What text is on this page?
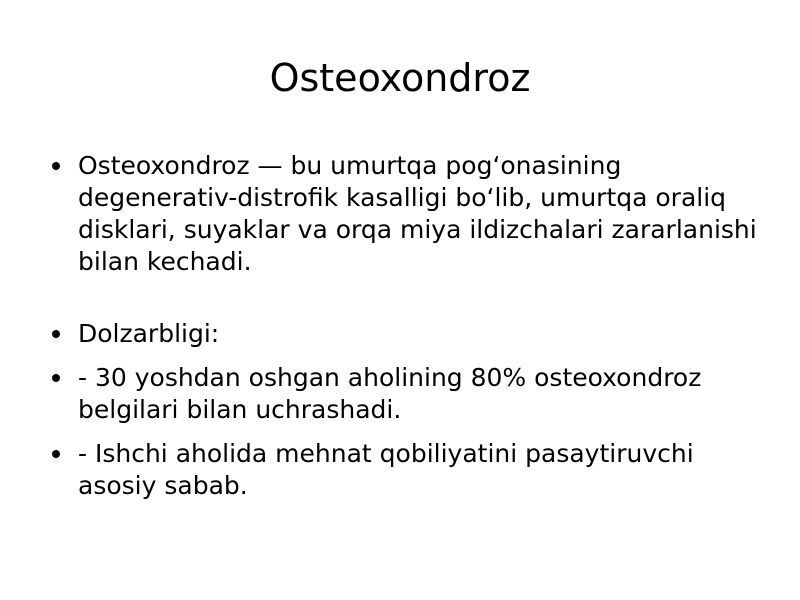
Osteoxondroz
Osteoxondroz — bu umurtqa pog‘onasining degenerativ-distrofik kasalligi bo‘lib, umurtqa oraliq disklari, suyaklar va orqa miya ildizchalari zararlanishi bilan kechadi.
Dolzarbligi:
- 30 yoshdan oshgan aholining 80% osteoxondroz belgilari bilan uchrashadi.
- Ishchi aholida mehnat qobiliyatini pasaytiruvchi asosiy sabab.
